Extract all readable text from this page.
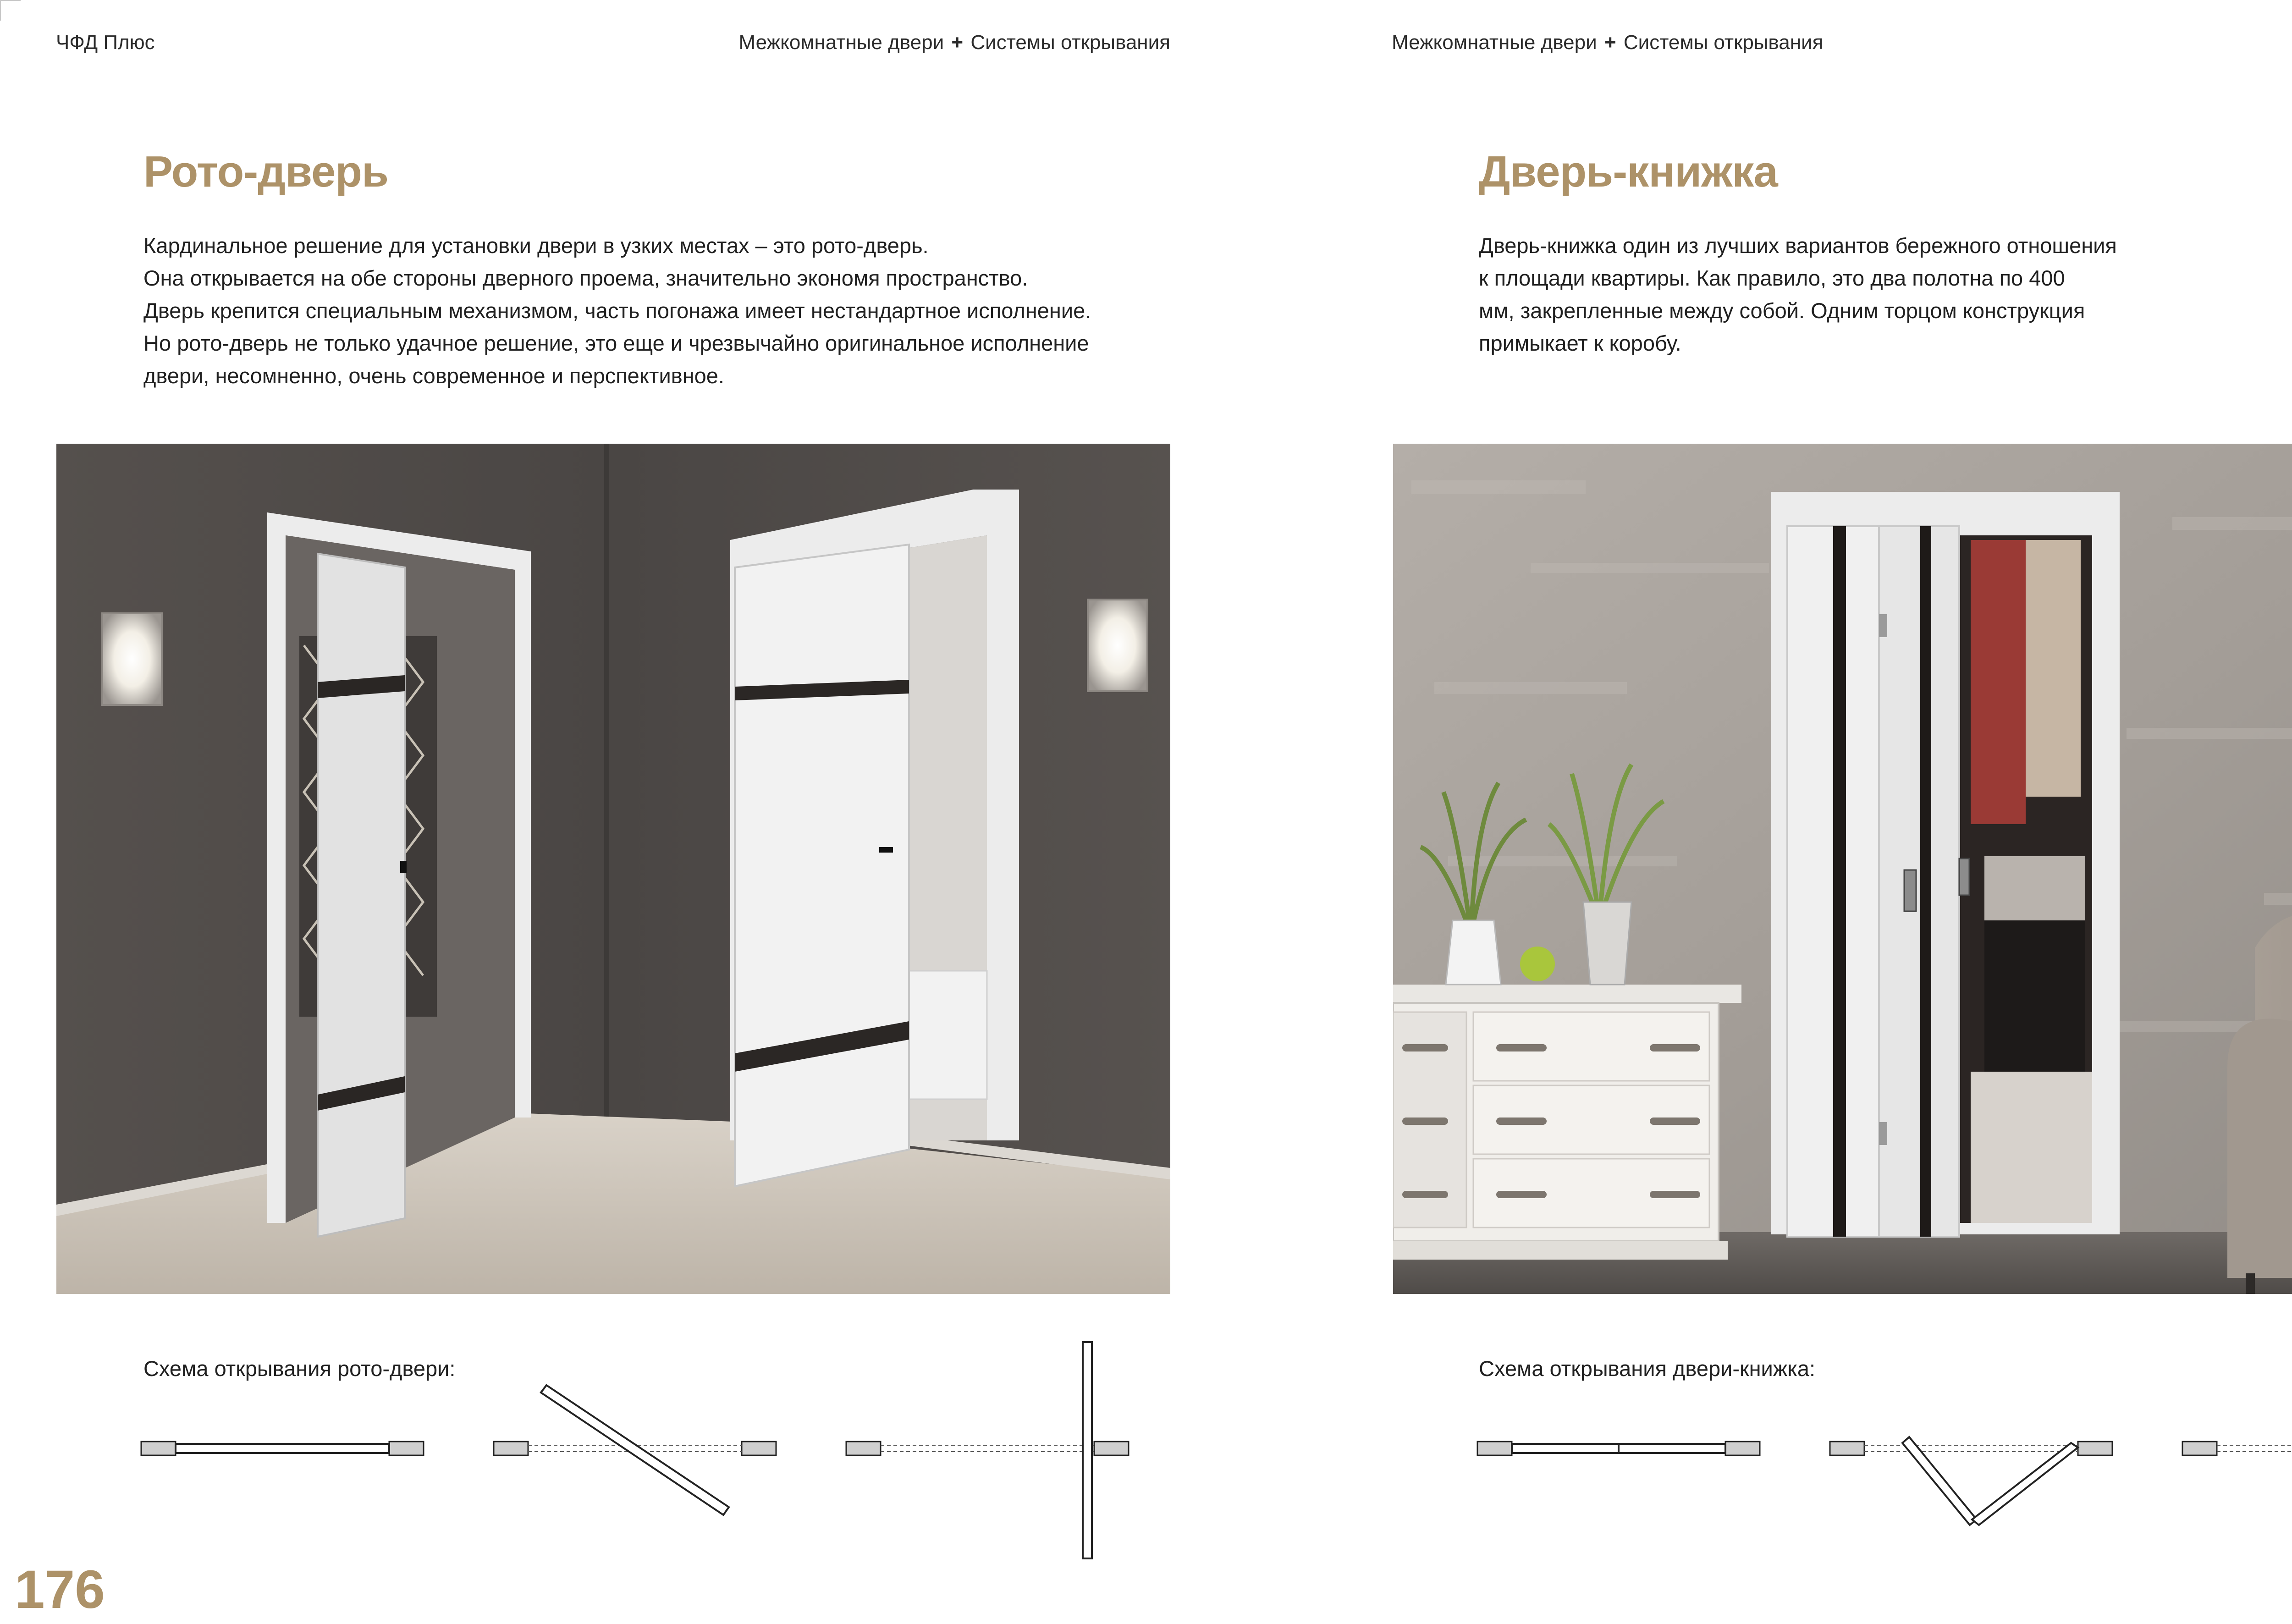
ЧФД Плюс	Межкомнатные двери + Системы открывания
Рото-дверь
Кардинальное решение для установки двери в узких местах – это рото-дверь.
Она открывается на обе стороны дверного проема, значительно экономя пространство.
Дверь крепится специальным механизмом, часть погонажа имеет нестандартное исполнение.
Но рото-дверь не только удачное решение, это еще и чрезвычайно оригинальное исполнение
двери, несомненно, очень современное и перспективное.
Схема открывания рото-двери:
176
Межкомнатные двери + Системы открывания
Дверь-книжка
Дверь-книжка один из лучших вариантов бережного отношения
к площади квартиры. Как правило, это два полотна по 400
мм, закрепленные между собой. Одним торцом конструкция
примыкает к коробу.
Схема открывания двери-книжка:
